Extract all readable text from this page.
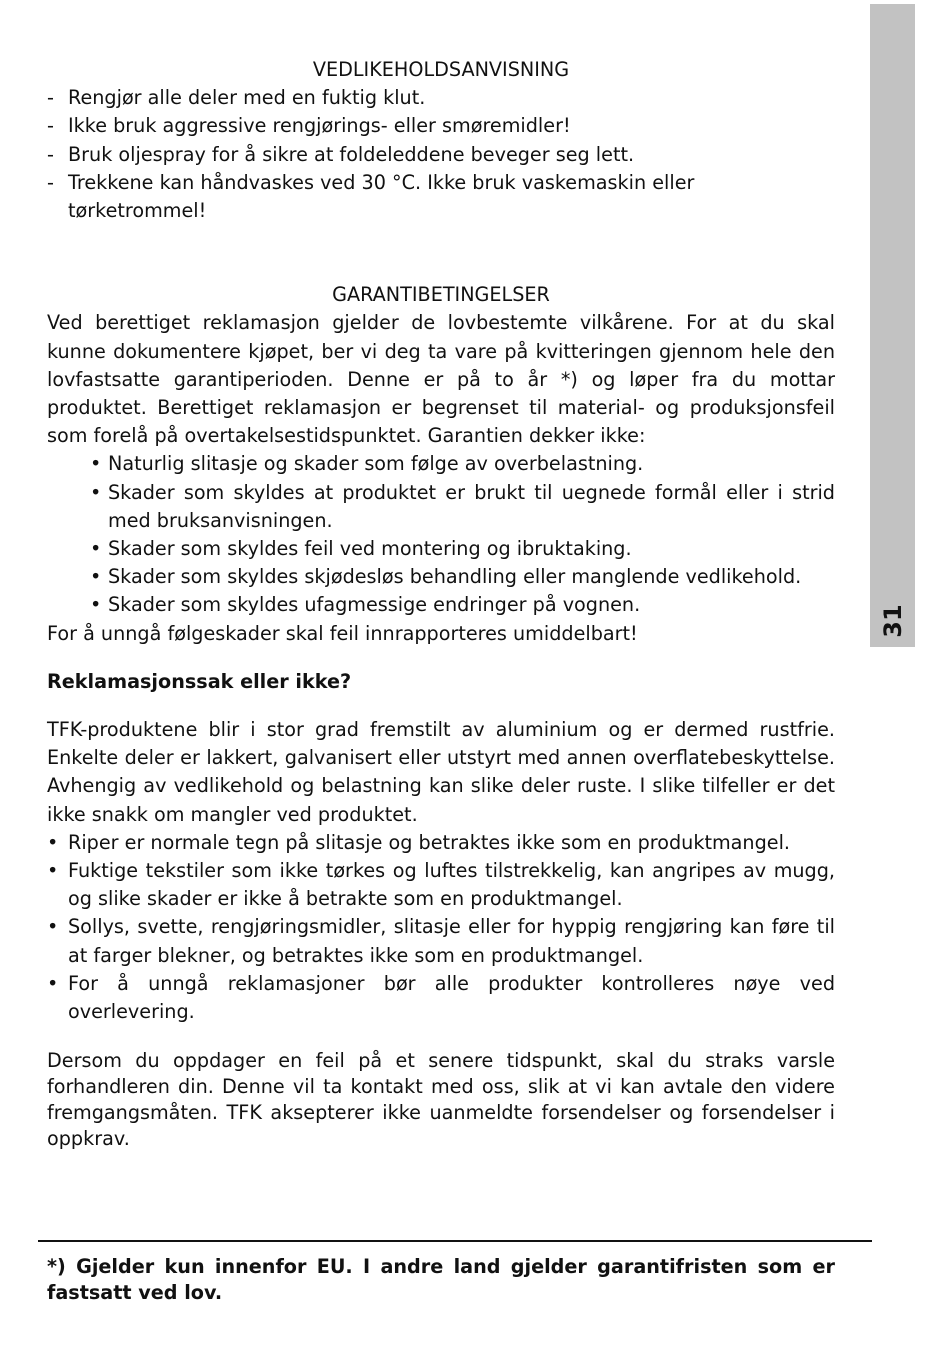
31
VEDLIKEHOLDSANVISNING
- Rengjør alle deler med en fuktig klut.
- Ikke bruk aggressive rengjørings- eller smøremidler!
- Bruk oljespray for å sikre at foldeleddene beveger seg lett.
- Trekkene kan håndvaskes ved 30 °C. Ikke bruk vaskemaskin eller tørketrommel!
GARANTIBETINGELSER

Ved berettiget reklamasjon gjelder de lovbestemte vilkårene. For at du skal kunne dokumentere kjøpet, ber vi deg ta vare på kvitteringen gjennom hele den lovfastsatte garantiperioden. Denne er på to år *) og løper fra du mottar produktet. Berettiget reklamasjon er begrenset til material- og produksjonsfeil som forelå på overtakelsestidspunktet. Garantien dekker ikke:

• Naturlig slitasje og skader som følge av overbelastning.
• Skader som skyldes at produktet er brukt til uegnede formål eller i strid med bruksanvisningen.
• Skader som skyldes feil ved montering og ibruktaking.
• Skader som skyldes skjødesløs behandling eller manglende vedlikehold.
• Skader som skyldes ufagmessige endringer på vognen.

For å unngå følgeskader skal feil innrapporteres umiddelbart!

Reklamasjonssak eller ikke?

TFK-produktene blir i stor grad fremstilt av aluminium og er dermed rustfrie. Enkelte deler er lakkert, galvanisert eller utstyrt med annen overflatebeskyttelse. Avhengig av vedlikehold og belastning kan slike deler ruste. I slike tilfeller er det ikke snakk om mangler ved produktet.

• Riper er normale tegn på slitasje og betraktes ikke som en produktmangel.
• Fuktige tekstiler som ikke tørkes og luftes tilstrekkelig, kan angripes av mugg, og slike skader er ikke å betrakte som en produktmangel.
• Sollys, svette, rengjøringsmidler, slitasje eller for hyppig rengjøring kan føre til at farger blekner, og betraktes ikke som en produktmangel.
• For å unngå reklamasjoner bør alle produkter kontrolleres nøye ved overlevering.

Dersom du oppdager en feil på et senere tidspunkt, skal du straks varsle forhandleren din. Denne vil ta kontakt med oss, slik at vi kan avtale den videre fremgangsmåten. TFK aksepterer ikke uanmeldte forsendelser og forsendelser i oppkrav.

*) Gjelder kun innenfor EU. I andre land gjelder garantifristen som er fastsatt ved lov.
